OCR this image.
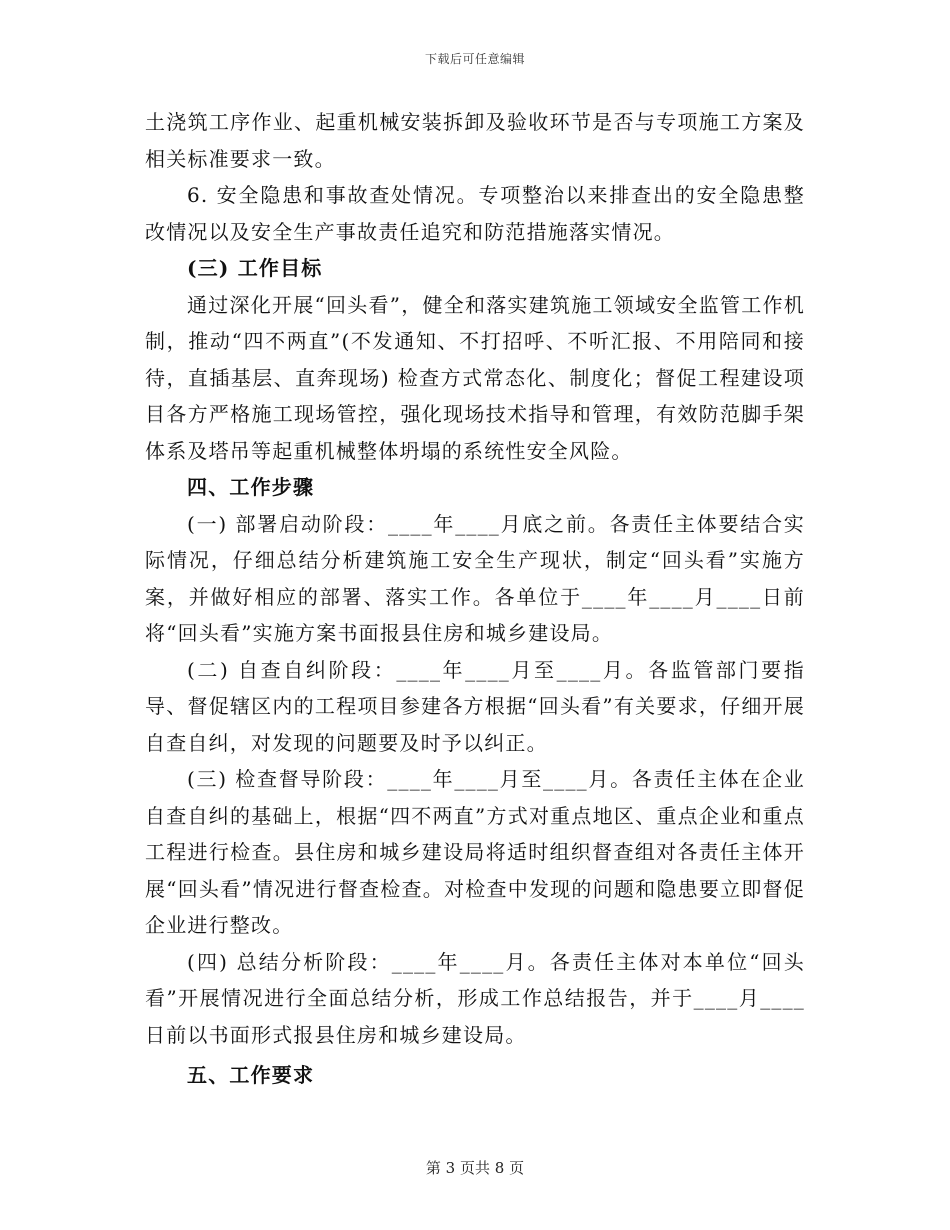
下载后可任意编辑

土浇筑工序作业、起重机械安装拆卸及验收环节是否与专项施工方案及相关标准要求一致。

6. 安全隐患和事故查处情况。专项整治以来排查出的安全隐患整改情况以及安全生产事故责任追究和防范措施落实情况。

(三) 工作目标

通过深化开展“回头看”，健全和落实建筑施工领域安全监管工作机制，推动“四不两直”(不发通知、不打招呼、不听汇报、不用陪同和接待，直插基层、直奔现场) 检查方式常态化、制度化；督促工程建设项目各方严格施工现场管控，强化现场技术指导和管理，有效防范脚手架体系及塔吊等起重机械整体坍塌的系统性安全风险。

四、工作步骤

(一) 部署启动阶段：____年____月底之前。各责任主体要结合实际情况，仔细总结分析建筑施工安全生产现状，制定“回头看”实施方案，并做好相应的部署、落实工作。各单位于____年____月____日前将“回头看”实施方案书面报县住房和城乡建设局。

(二) 自查自纠阶段：____年____月至____月。各监管部门要指导、督促辖区内的工程项目参建各方根据“回头看”有关要求，仔细开展自查自纠，对发现的问题要及时予以纠正。

(三) 检查督导阶段：____年____月至____月。各责任主体在企业自查自纠的基础上，根据“四不两直”方式对重点地区、重点企业和重点工程进行检查。县住房和城乡建设局将适时组织督查组对各责任主体开展“回头看”情况进行督查检查。对检查中发现的问题和隐患要立即督促企业进行整改。

(四) 总结分析阶段：____年____月。各责任主体对本单位“回头看”开展情况进行全面总结分析，形成工作总结报告，并于____月____日前以书面形式报县住房和城乡建设局。

五、工作要求

第 3 页共 8 页
